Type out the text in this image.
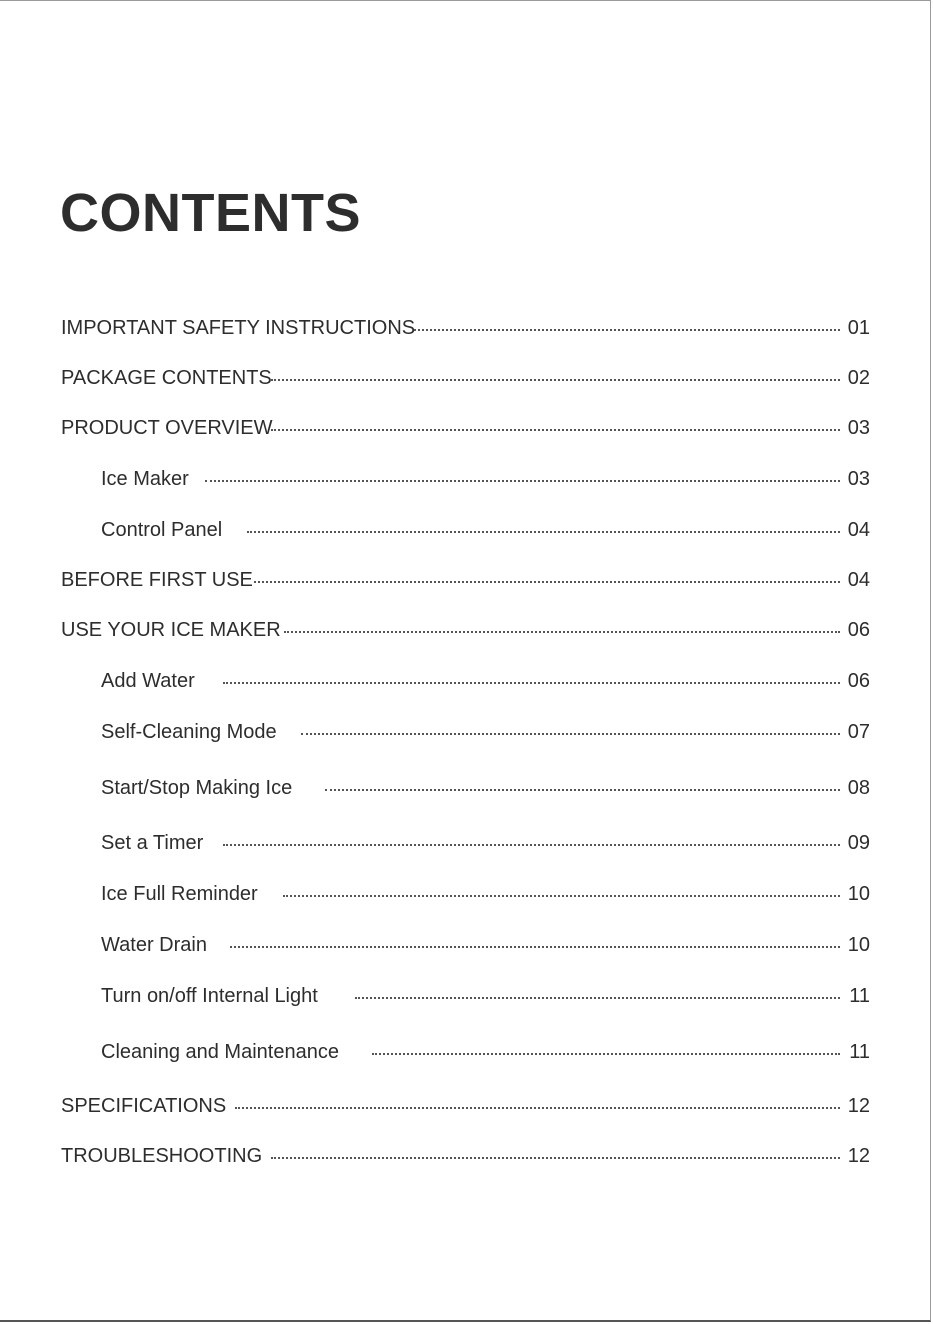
CONTENTS
IMPORTANT SAFETY INSTRUCTIONS	01
PACKAGE CONTENTS	02
PRODUCT OVERVIEW	03
Ice Maker	03
Control Panel	04
BEFORE FIRST USE	04
USE YOUR ICE MAKER	06
Add Water	06
Self-Cleaning Mode	07
Start/Stop Making Ice	08
Set a Timer	09
Ice Full Reminder	10
Water Drain	10
Turn on/off Internal Light	11
Cleaning and Maintenance	11
SPECIFICATIONS	12
TROUBLESHOOTING	12
